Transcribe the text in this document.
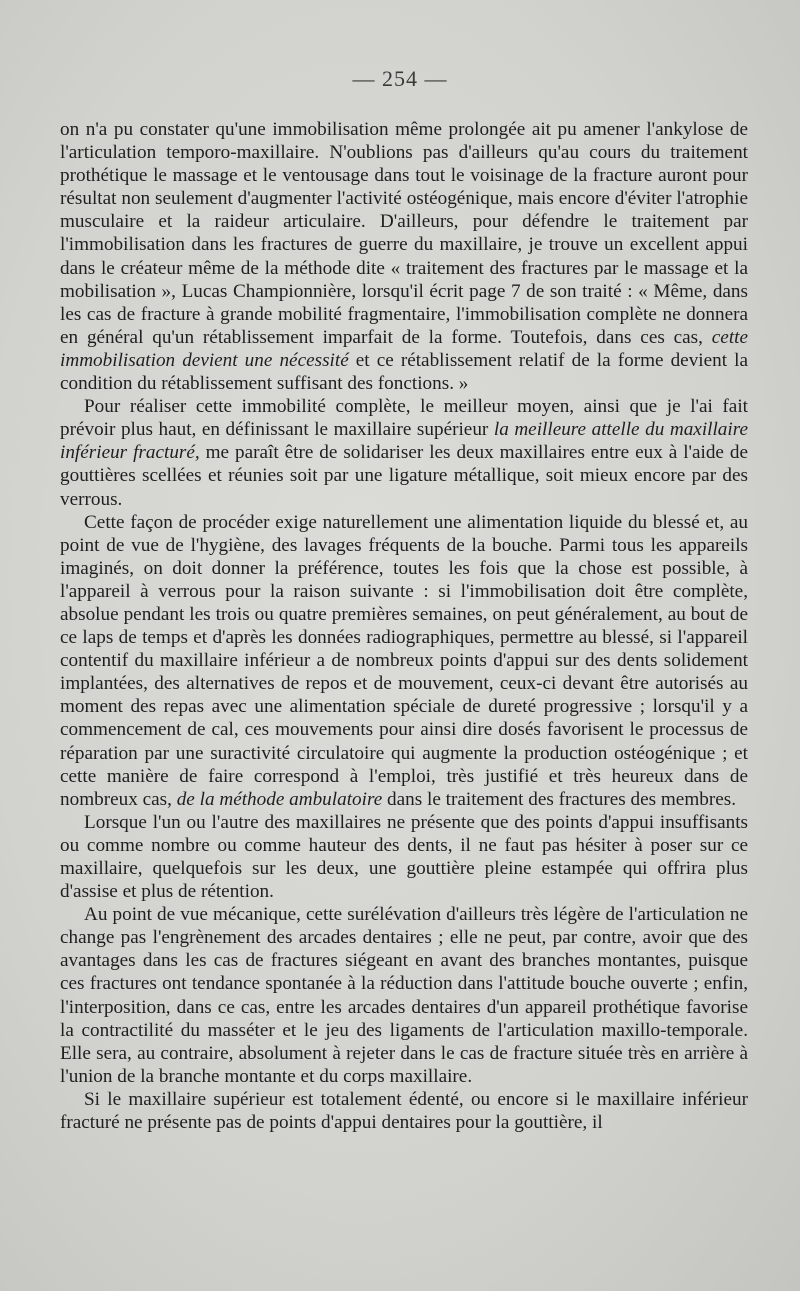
— 254 —

on n'a pu constater qu'une immobilisation même prolongée ait pu amener l'ankylose de l'articulation temporo-maxillaire. N'oublions pas d'ailleurs qu'au cours du traitement prothétique le massage et le ventousage dans tout le voisinage de la fracture auront pour résultat non seulement d'augmenter l'activité ostéogénique, mais encore d'éviter l'atrophie musculaire et la raideur articulaire. D'ailleurs, pour défendre le traitement par l'immobilisation dans les fractures de guerre du maxillaire, je trouve un excellent appui dans le créateur même de la méthode dite « traitement des fractures par le massage et la mobilisation », Lucas Championnière, lorsqu'il écrit page 7 de son traité : « Même, dans les cas de fracture à grande mobilité fragmentaire, l'immobilisation complète ne donnera en général qu'un rétablissement imparfait de la forme. Toutefois, dans ces cas, cette immobilisation devient une nécessité et ce rétablissement relatif de la forme devient la condition du rétablissement suffisant des fonctions. »

Pour réaliser cette immobilité complète, le meilleur moyen, ainsi que je l'ai fait prévoir plus haut, en définissant le maxillaire supérieur la meilleure attelle du maxillaire inférieur fracturé, me paraît être de solidariser les deux maxillaires entre eux à l'aide de gouttières scellées et réunies soit par une ligature métallique, soit mieux encore par des verrous.

Cette façon de procéder exige naturellement une alimentation liquide du blessé et, au point de vue de l'hygiène, des lavages fréquents de la bouche. Parmi tous les appareils imaginés, on doit donner la préférence, toutes les fois que la chose est possible, à l'appareil à verrous pour la raison suivante : si l'immobilisation doit être complète, absolue pendant les trois ou quatre premières semaines, on peut généralement, au bout de ce laps de temps et d'après les données radiographiques, permettre au blessé, si l'appareil contentif du maxillaire inférieur a de nombreux points d'appui sur des dents solidement implantées, des alternatives de repos et de mouvement, ceux-ci devant être autorisés au moment des repas avec une alimentation spéciale de dureté progressive ; lorsqu'il y a commencement de cal, ces mouvements pour ainsi dire dosés favorisent le processus de réparation par une suractivité circulatoire qui augmente la production ostéogénique ; et cette manière de faire correspond à l'emploi, très justifié et très heureux dans de nombreux cas, de la méthode ambulatoire dans le traitement des fractures des membres.

Lorsque l'un ou l'autre des maxillaires ne présente que des points d'appui insuffisants ou comme nombre ou comme hauteur des dents, il ne faut pas hésiter à poser sur ce maxillaire, quelquefois sur les deux, une gouttière pleine estampée qui offrira plus d'assise et plus de rétention.

Au point de vue mécanique, cette surélévation d'ailleurs très légère de l'articulation ne change pas l'engrènement des arcades dentaires ; elle ne peut, par contre, avoir que des avantages dans les cas de fractures siégeant en avant des branches montantes, puisque ces fractures ont tendance spontanée à la réduction dans l'attitude bouche ouverte ; enfin, l'interposition, dans ce cas, entre les arcades dentaires d'un appareil prothétique favorise la contractilité du masséter et le jeu des ligaments de l'articulation maxillo-temporale. Elle sera, au contraire, absolument à rejeter dans le cas de fracture située très en arrière à l'union de la branche montante et du corps maxillaire.

Si le maxillaire supérieur est totalement édenté, ou encore si le maxillaire inférieur fracturé ne présente pas de points d'appui dentaires pour la gouttière, il
